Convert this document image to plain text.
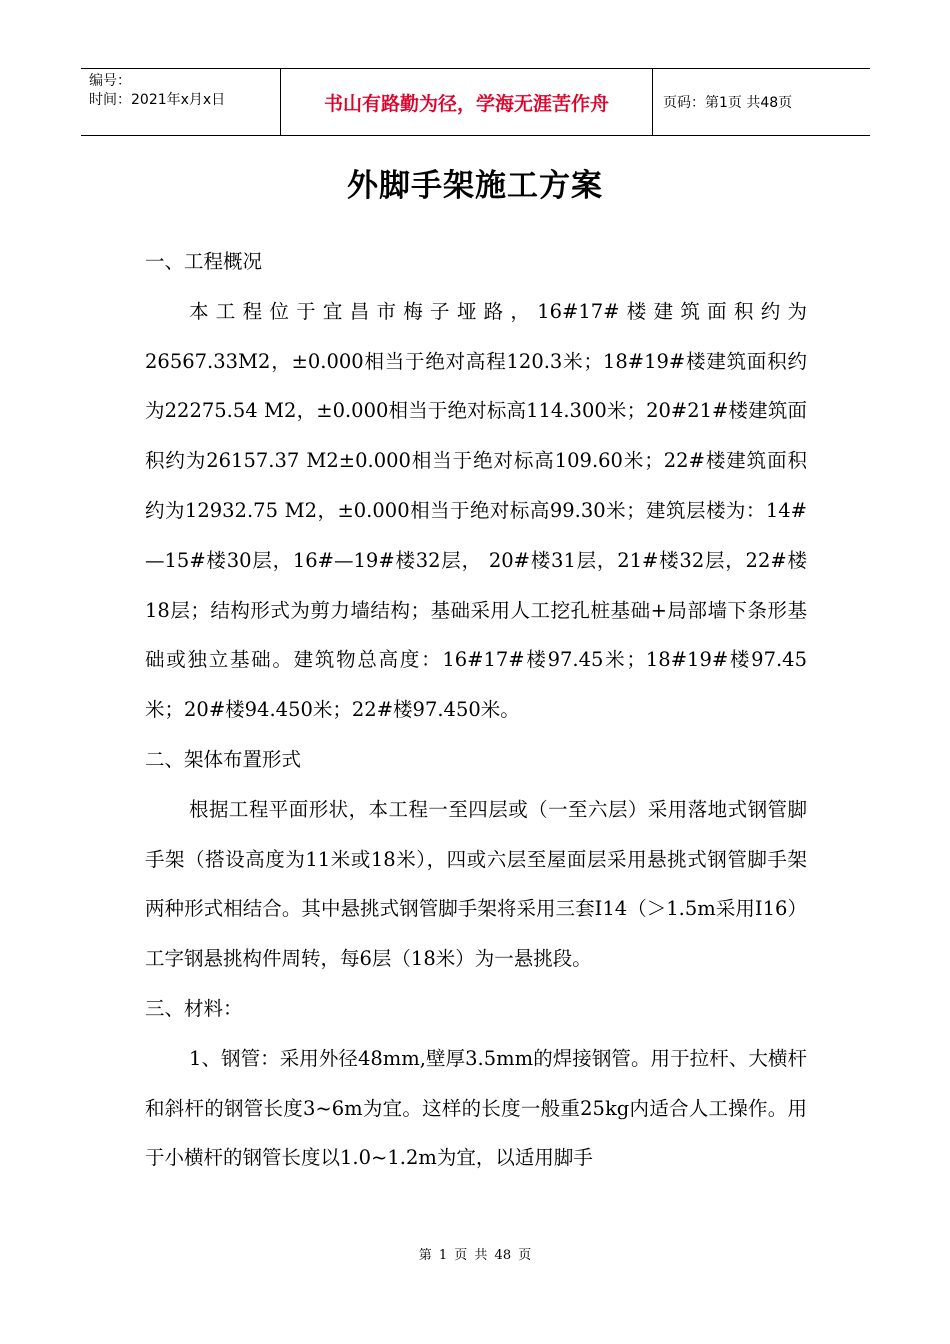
编号：
时间：2021年x月x日	书山有路勤为径，学海无涯苦作舟	页码：第1页 共48页
外脚手架施工方案

一、工程概况

本工程位于宜昌市梅子垭路，16#17#楼建筑面积约为26567.33M2，±0.000相当于绝对高程120.3米；18#19#楼建筑面积约为22275.54 M2，±0.000相当于绝对标高114.300米；20#21#楼建筑面积约为26157.37 M2±0.000相当于绝对标高109.60米；22#楼建筑面积约为12932.75 M2，±0.000相当于绝对标高99.30米；建筑层楼为：14#—15#楼30层，16#—19#楼32层， 20#楼31层，21#楼32层，22#楼18层；结构形式为剪力墙结构；基础采用人工挖孔桩基础+局部墙下条形基础或独立基础。建筑物总高度：16#17#楼97.45米；18#19#楼97.45米；20#楼94.450米；22#楼97.450米。

二、架体布置形式

根据工程平面形状，本工程一至四层或（一至六层）采用落地式钢管脚手架（搭设高度为11米或18米），四或六层至屋面层采用悬挑式钢管脚手架两种形式相结合。其中悬挑式钢管脚手架将采用三套I14（＞1.5m采用I16）工字钢悬挑构件周转，每6层（18米）为一悬挑段。

三、材料：

1、钢管：采用外径48mm,壁厚3.5mm的焊接钢管。用于拉杆、大横杆和斜杆的钢管长度3~6m为宜。这样的长度一般重25kg内适合人工操作。用于小横杆的钢管长度以1.0~1.2m为宜，以适用脚手

第 1 页 共 48 页
